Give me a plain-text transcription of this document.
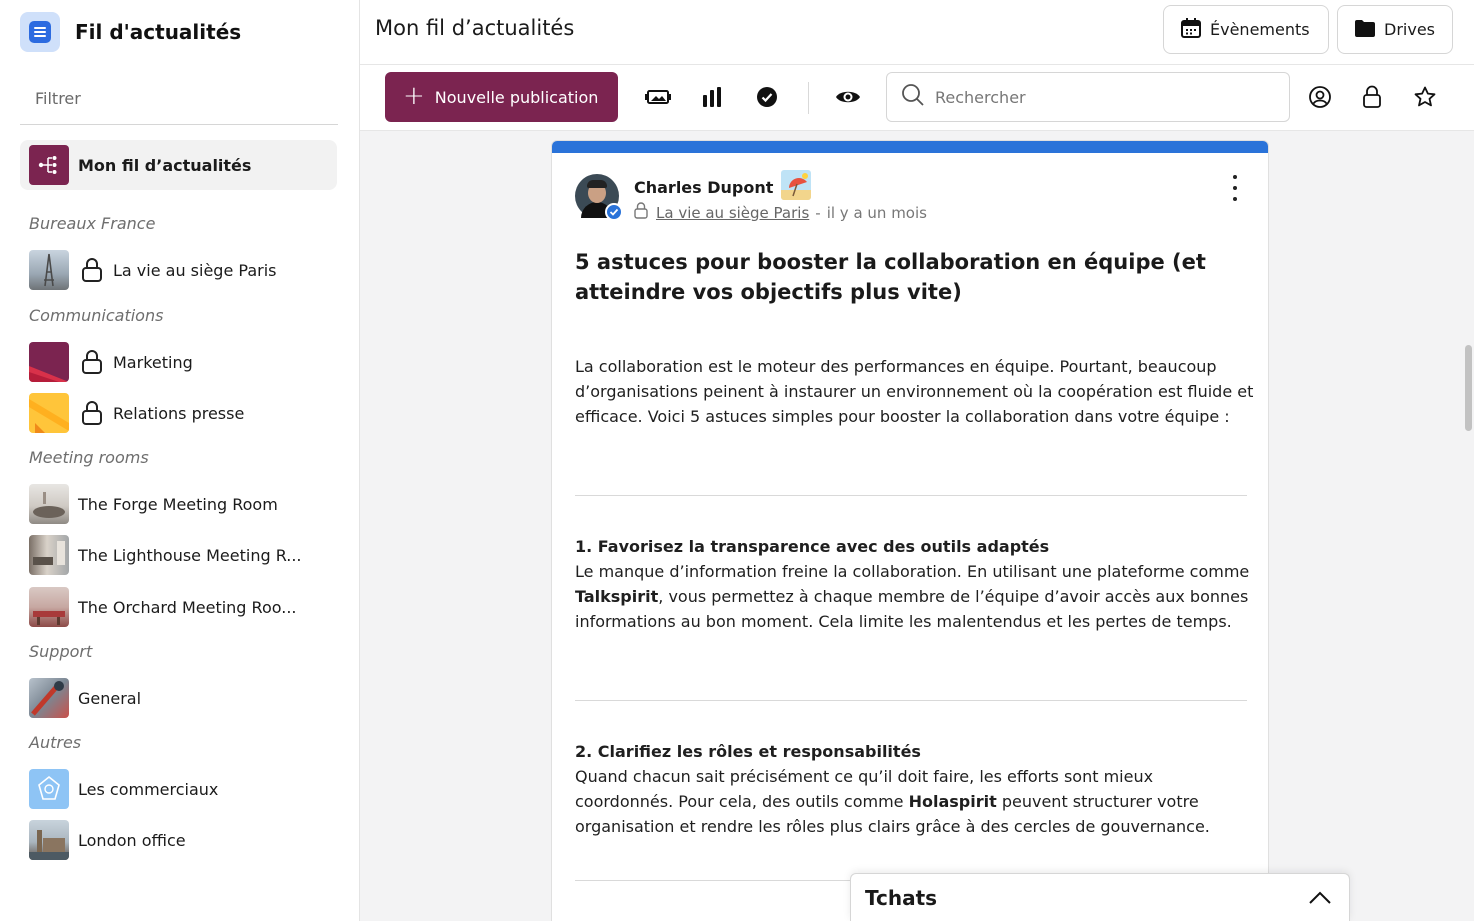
Fil d'actualités
Filtrer
Mon fil d’actualités
Bureaux France
La vie au siège Paris
Communications
Marketing
Relations presse
Meeting rooms
The Forge Meeting Room
The Lighthouse Meeting R...
The Orchard Meeting Roo...
Support
General
Autres
Les commerciaux
London office
Mon fil d’actualités	Évènements	Drives
+ Nouvelle publication
Rechercher
Charles Dupont
La vie au siège Paris - il y a un mois
5 astuces pour booster la collaboration en équipe (et atteindre vos objectifs plus vite)

La collaboration est le moteur des performances en équipe. Pourtant, beaucoup d’organisations peinent à instaurer un environnement où la coopération est fluide et efficace. Voici 5 astuces simples pour booster la collaboration dans votre équipe :

1. Favorisez la transparence avec des outils adaptés
Le manque d’information freine la collaboration. En utilisant une plateforme comme Talkspirit, vous permettez à chaque membre de l’équipe d’avoir accès aux bonnes informations au bon moment. Cela limite les malentendus et les pertes de temps.
2. Clarifiez les rôles et responsabilités
Quand chacun sait précisément ce qu’il doit faire, les efforts sont mieux coordonnés. Pour cela, des outils comme Holaspirit peuvent structurer votre organisation et rendre les rôles plus clairs grâce à des cercles de gouvernance.
Tchats
